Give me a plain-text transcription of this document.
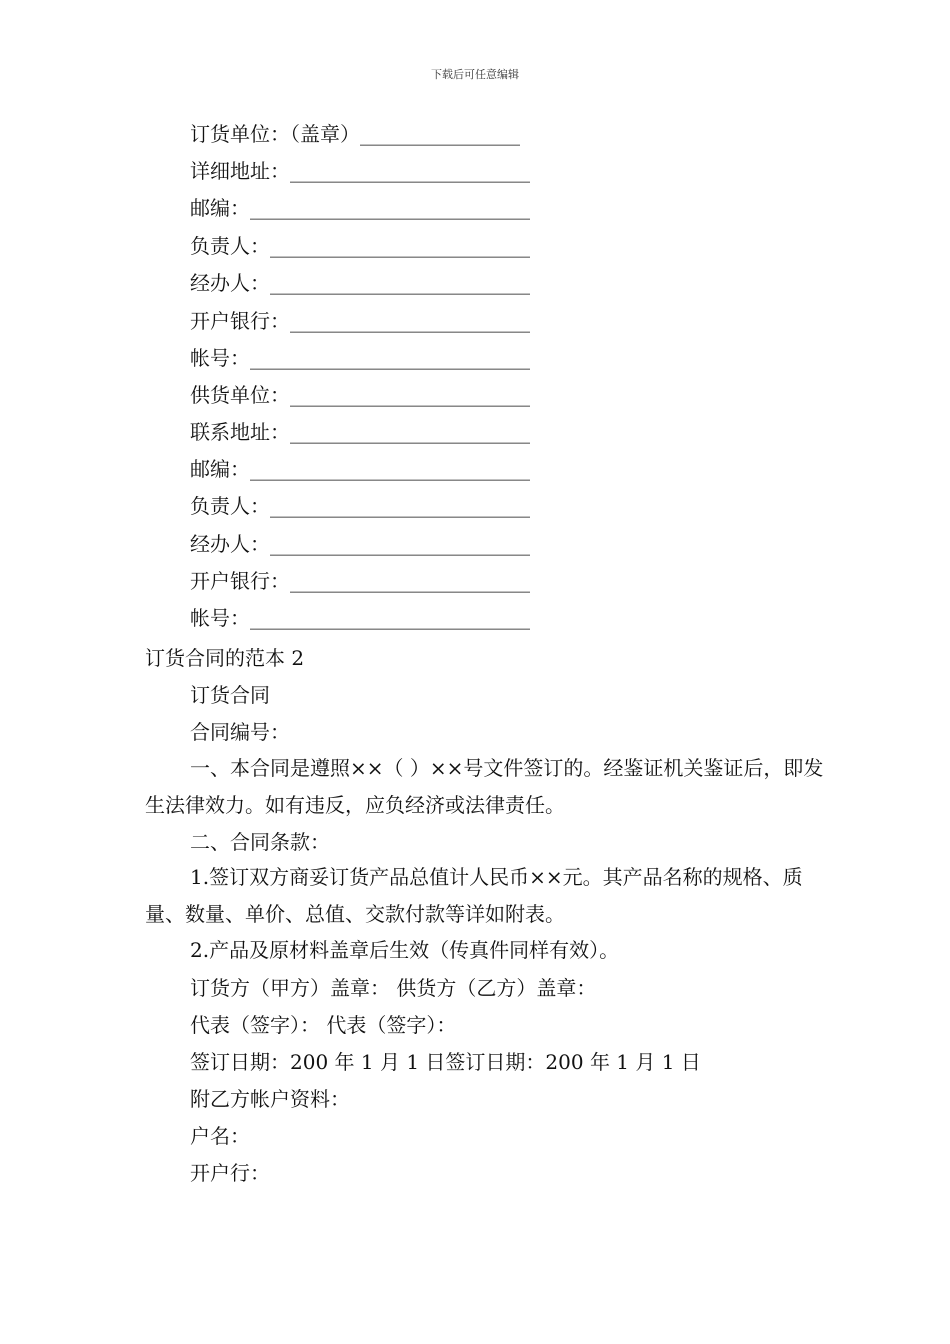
下载后可任意编辑
订货单位：（盖章） ________________
详细地址： ________________________
邮编： ____________________________
负责人： __________________________
经办人： __________________________
开户银行： ________________________
帐号： ____________________________
供货单位： ________________________
联系地址： ________________________
邮编： ____________________________
负责人： __________________________
经办人： __________________________
开户银行： ________________________
帐号： ____________________________
订货合同的范本 2
订货合同
合同编号：
一、本合同是遵照××（ ）××号文件签订的。经鉴证机关鉴证后，即发生法律效力。如有违反，应负经济或法律责任。
二、合同条款：
1.签订双方商妥订货产品总值计人民币××元。其产品名称的规格、质量、数量、单价、总值、交款付款等详如附表。
2.产品及原材料盖章后生效（传真件同样有效）。
订货方（甲方）盖章： 供货方（乙方）盖章：
代表（签字）： 代表（签字）：
签订日期：200 年 1 月 1 日签订日期：200 年 1 月 1 日
附乙方帐户资料：
户名：
开户行：
